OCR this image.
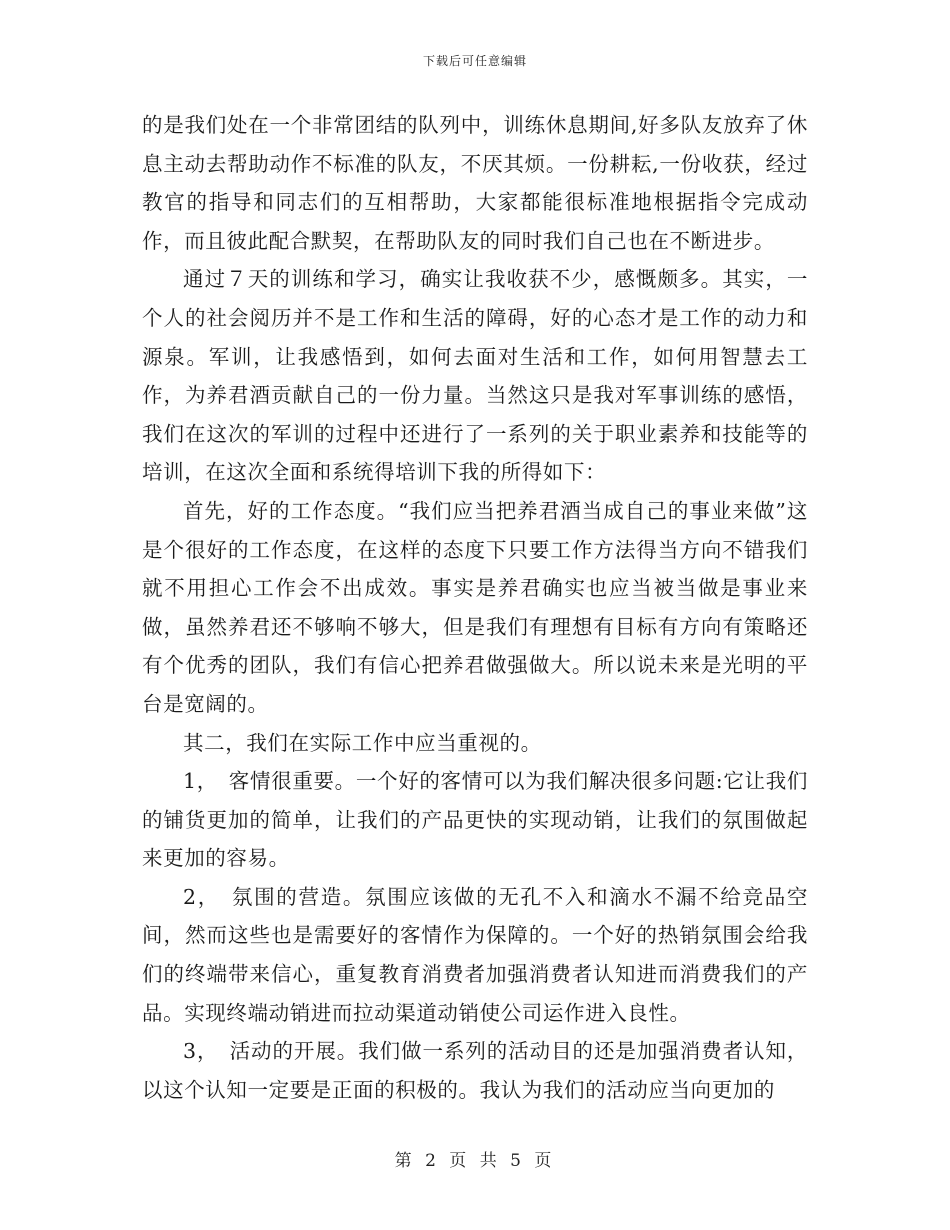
下载后可任意编辑

的是我们处在一个非常团结的队列中，训练休息期间,好多队友放弃了休息主动去帮助动作不标准的队友，不厌其烦。一份耕耘,一份收获，经过教官的指导和同志们的互相帮助，大家都能很标准地根据指令完成动作，而且彼此配合默契，在帮助队友的同时我们自己也在不断进步。

通过７天的训练和学习，确实让我收获不少，感慨颇多。其实，一个人的社会阅历并不是工作和生活的障碍，好的心态才是工作的动力和源泉。军训，让我感悟到，如何去面对生活和工作，如何用智慧去工作，为养君酒贡献自己的一份力量。当然这只是我对军事训练的感悟，我们在这次的军训的过程中还进行了一系列的关于职业素养和技能等的培训，在这次全面和系统得培训下我的所得如下：

首先，好的工作态度。“我们应当把养君酒当成自己的事业来做”这是个很好的工作态度，在这样的态度下只要工作方法得当方向不错我们就不用担心工作会不出成效。事实是养君确实也应当被当做是事业来做，虽然养君还不够响不够大，但是我们有理想有目标有方向有策略还有个优秀的团队，我们有信心把养君做强做大。所以说未来是光明的平台是宽阔的。

其二，我们在实际工作中应当重视的。

1，　客情很重要。一个好的客情可以为我们解决很多问题:它让我们的铺货更加的简单，让我们的产品更快的实现动销，让我们的氛围做起来更加的容易。

2，　氛围的营造。氛围应该做的无孔不入和滴水不漏不给竞品空间，然而这些也是需要好的客情作为保障的。一个好的热销氛围会给我们的终端带来信心，重复教育消费者加强消费者认知进而消费我们的产品。实现终端动销进而拉动渠道动销使公司运作进入良性。

3，　活动的开展。我们做一系列的活动目的还是加强消费者认知，以这个认知一定要是正面的积极的。我认为我们的活动应当向更加的

第 2 页 共 5 页
